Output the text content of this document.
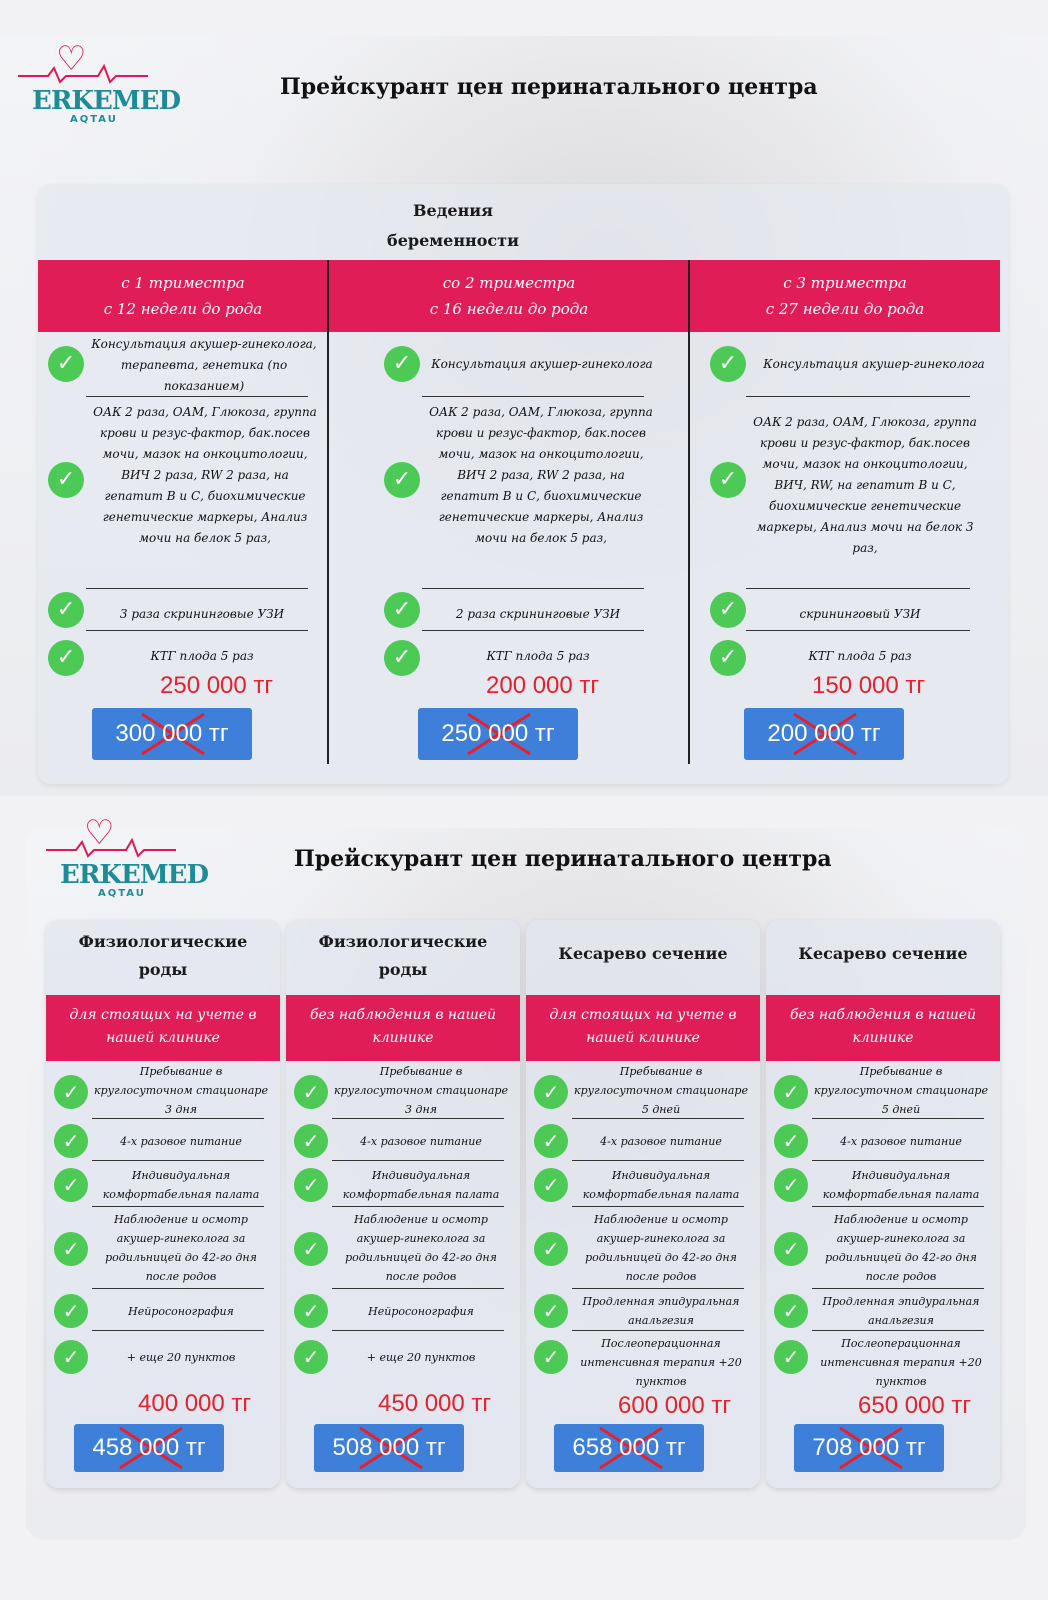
♡
ERKEMED
AQTAU
Прейскурант цен перинатального центра
Ведения
беременности
с 1 триместра
с 12 недели до рода
со 2 триместра
с 16 недели до рода
с 3 триместра
с 27 недели до рода
✓
Консультация акушер-гинеколога, терапевта, генетика (по показанием)
✓
ОАК 2 раза, ОАМ, Глюкоза, группа крови и резус-фактор, бак.посев мочи, мазок на онкоцитологии, ВИЧ 2 раза, RW 2 раза, на гепатит В и С, биохимические генетические маркеры, Анализ мочи на белок 5 раз,
✓	3 раза скрининговые УЗИ
✓	КТГ плода 5 раз
250 000 тг
300 000 тг
✓	Консультация акушер-гинеколога
✓
ОАК 2 раза, ОАМ, Глюкоза, группа крови и резус-фактор, бак.посев мочи, мазок на онкоцитологии, ВИЧ 2 раза, RW 2 раза, на гепатит В и С, биохимические генетические маркеры, Анализ мочи на белок 5 раз,
✓	2 раза скрининговые УЗИ
✓	КТГ плода 5 раз
200 000 тг
250 000 тг
✓	Консультация акушер-гинеколога
✓
ОАК 2 раза, ОАМ, Глюкоза, группа крови и резус-фактор, бак.посев мочи, мазок на онкоцитологии, ВИЧ, RW, на гепатит В и С, биохимические генетические маркеры, Анализ мочи на белок 3 раз,
✓	скрининговый УЗИ
✓	КТГ плода 5 раз
150 000 тг
200 000 тг
♡
ERKEMED
AQTAU
Прейскурант цен перинатального центра
Физиологические роды
для стоящих на учете в нашей клинике
✓
Пребывание в круглосуточном стационаре 3 дня
✓	4-х разовое питание
✓	Индивидуальная комфортабельная палата
✓
Наблюдение и осмотр акушер-гинеколога за родильницей до 42-го дня после родов
✓	Нейросонография
✓	+ еще 20 пунктов
400 000 тг
458 000 тг
Физиологические роды
без наблюдения в нашей клинике
✓
Пребывание в круглосуточном стационаре 3 дня
✓	4-х разовое питание
✓	Индивидуальная комфортабельная палата
✓
Наблюдение и осмотр акушер-гинеколога за родильницей до 42-го дня после родов
✓	Нейросонография
✓	+ еще 20 пунктов
450 000 тг
508 000 тг
Кесарево сечение
для стоящих на учете в нашей клинике
✓
Пребывание в круглосуточном стационаре 5 дней
✓	4-х разовое питание
✓	Индивидуальная комфортабельная палата
✓
Наблюдение и осмотр акушер-гинеколога за родильницей до 42-го дня после родов
✓	Продленная эпидуральная анальгезия
✓
Послеоперационная интенсивная терапия +20 пунктов
600 000 тг
658 000 тг
Кесарево сечение
без наблюдения в нашей клинике
✓
Пребывание в круглосуточном стационаре 5 дней
✓	4-х разовое питание
✓	Индивидуальная комфортабельная палата
✓
Наблюдение и осмотр акушер-гинеколога за родильницей до 42-го дня после родов
✓	Продленная эпидуральная анальгезия
✓
Послеоперационная интенсивная терапия +20 пунктов
650 000 тг
708 000 тг
